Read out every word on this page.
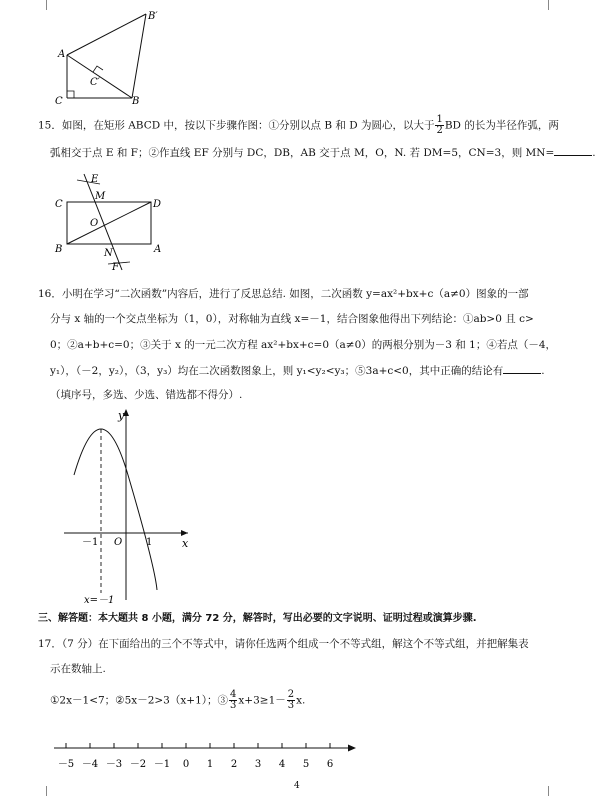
A
B′
C
C′
B
15．如图，在矩形 ABCD 中，按以下步骤作图：①分别以点 B 和 D 为圆心，以大于 $\frac{1}{2}$ BD 的长为半径作弧，两
弧相交于点 E 和 F；②作直线 EF 分别与 DC，DB，AB 交于点 M，O，N. 若 DM=5，CN=3，则 MN=	.
E
M
C	D
O
B	N	A
F
16．小明在学习“二次函数”内容后，进行了反思总结. 如图，二次函数 y=ax²+bx+c（a≠0）图象的一部
分与 x 轴的一个交点坐标为（1，0），对称轴为直线 x=－1，结合图象他得出下列结论：①ab>0 且 c>
0；②a+b+c=0；③关于 x 的一元二次方程 ax²+bx+c=0（a≠0）的两根分别为－3 和 1；④若点（－4，
y₁），（－2，y₂），（3，y₃）均在二次函数图象上，则 y₁<y₂<y₃；⑤3a+c<0，其中正确的结论有	.
（填序号，多选、少选、错选都不得分）.
y
x
O
－1	1
x=－1
三、解答题：本大题共 8 小题，满分 72 分，解答时，写出必要的文字说明、证明过程或演算步骤.
17．（7 分）在下面给出的三个不等式中，请你任选两个组成一个不等式组，解这个不等式组，并把解集表
示在数轴上.
①2x－1<7；②5x－2>3（x+1）；③ $\frac{4}{3} x+3\ge 1- \frac{2}{3} x$.
－5 －4 －3 －2 －1 0 1 2 3 4 5 6
4
